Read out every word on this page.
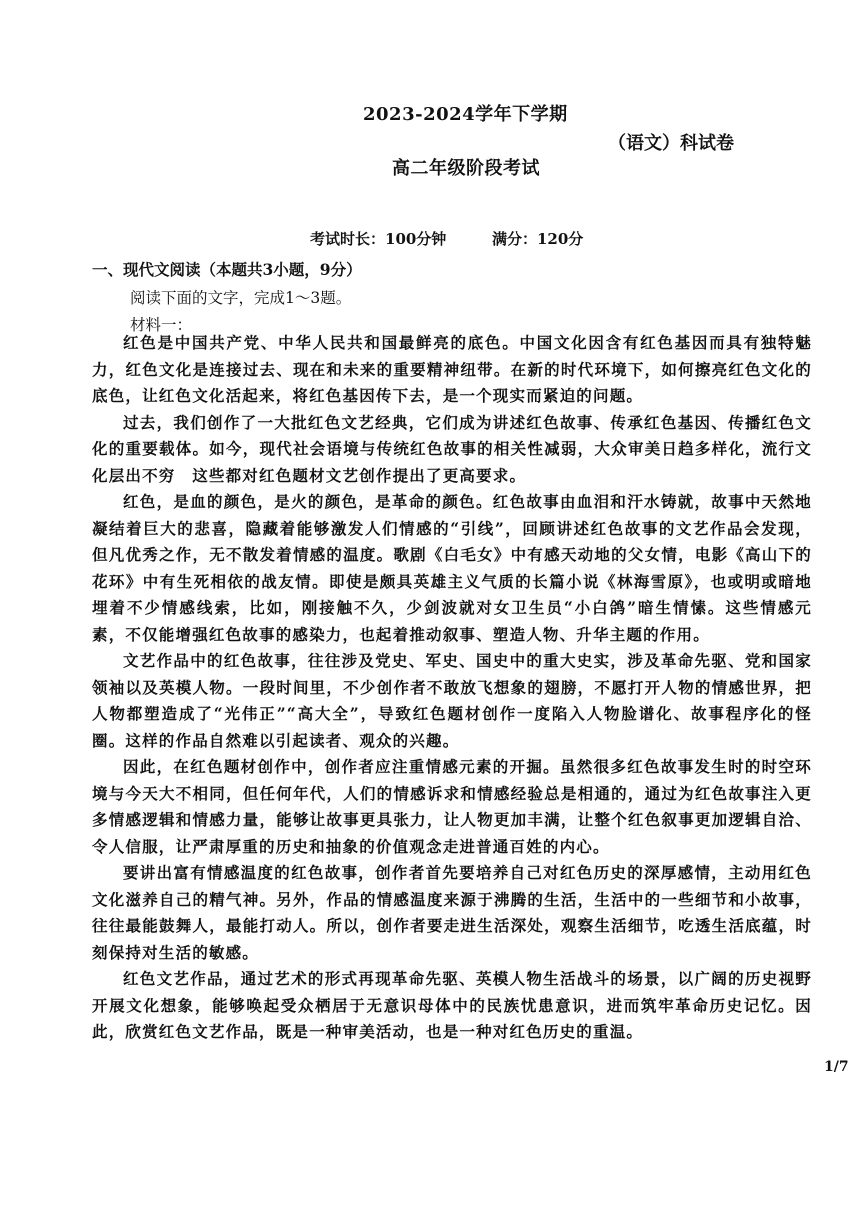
2023-2024学年下学期
（语文）科试卷
高二年级阶段考试
考试时长：100分钟	满分：120分
一、现代文阅读（本题共3小题，9分）
阅读下面的文字，完成1～3题。
材料一：

红色是中国共产党、中华人民共和国最鲜亮的底色。中国文化因含有红色基因而具有独特魅力，红色文化是连接过去、现在和未来的重要精神纽带。在新的时代环境下，如何擦亮红色文化的底色，让红色文化活起来，将红色基因传下去，是一个现实而紧迫的问题。

过去，我们创作了一大批红色文艺经典，它们成为讲述红色故事、传承红色基因、传播红色文化的重要载体。如今，现代社会语境与传统红色故事的相关性减弱，大众审美日趋多样化，流行文化层出不穷　这些都对红色题材文艺创作提出了更高要求。

红色，是血的颜色，是火的颜色，是革命的颜色。红色故事由血泪和汗水铸就，故事中天然地凝结着巨大的悲喜，隐藏着能够激发人们情感的“引线”，回顾讲述红色故事的文艺作品会发现，但凡优秀之作，无不散发着情感的温度。歌剧《白毛女》中有感天动地的父女情，电影《高山下的花环》中有生死相依的战友情。即使是颇具英雄主义气质的长篇小说《林海雪原》，也或明或暗地埋着不少情感线索，比如，刚接触不久，少剑波就对女卫生员“小白鸽”暗生情愫。这些情感元素，不仅能增强红色故事的感染力，也起着推动叙事、塑造人物、升华主题的作用。

文艺作品中的红色故事，往往涉及党史、军史、国史中的重大史实，涉及革命先驱、党和国家领袖以及英模人物。一段时间里，不少创作者不敢放飞想象的翅膀，不愿打开人物的情感世界，把人物都塑造成了“光伟正”“高大全”，导致红色题材创作一度陷入人物脸谱化、故事程序化的怪圈。这样的作品自然难以引起读者、观众的兴趣。

因此，在红色题材创作中，创作者应注重情感元素的开掘。虽然很多红色故事发生时的时空环境与今天大不相同，但任何年代，人们的情感诉求和情感经验总是相通的，通过为红色故事注入更多情感逻辑和情感力量，能够让故事更具张力，让人物更加丰满，让整个红色叙事更加逻辑自洽、令人信服，让严肃厚重的历史和抽象的价值观念走进普通百姓的内心。

要讲出富有情感温度的红色故事，创作者首先要培养自己对红色历史的深厚感情，主动用红色文化滋养自己的精气神。另外，作品的情感温度来源于沸腾的生活，生活中的一些细节和小故事，往往最能鼓舞人，最能打动人。所以，创作者要走进生活深处，观察生活细节，吃透生活底蕴，时刻保持对生活的敏感。

红色文艺作品，通过艺术的形式再现革命先驱、英模人物生活战斗的场景，以广阔的历史视野开展文化想象，能够唤起受众栖居于无意识母体中的民族忧患意识，进而筑牢革命历史记忆。因此，欣赏红色文艺作品，既是一种审美活动，也是一种对红色历史的重温。

1/7
